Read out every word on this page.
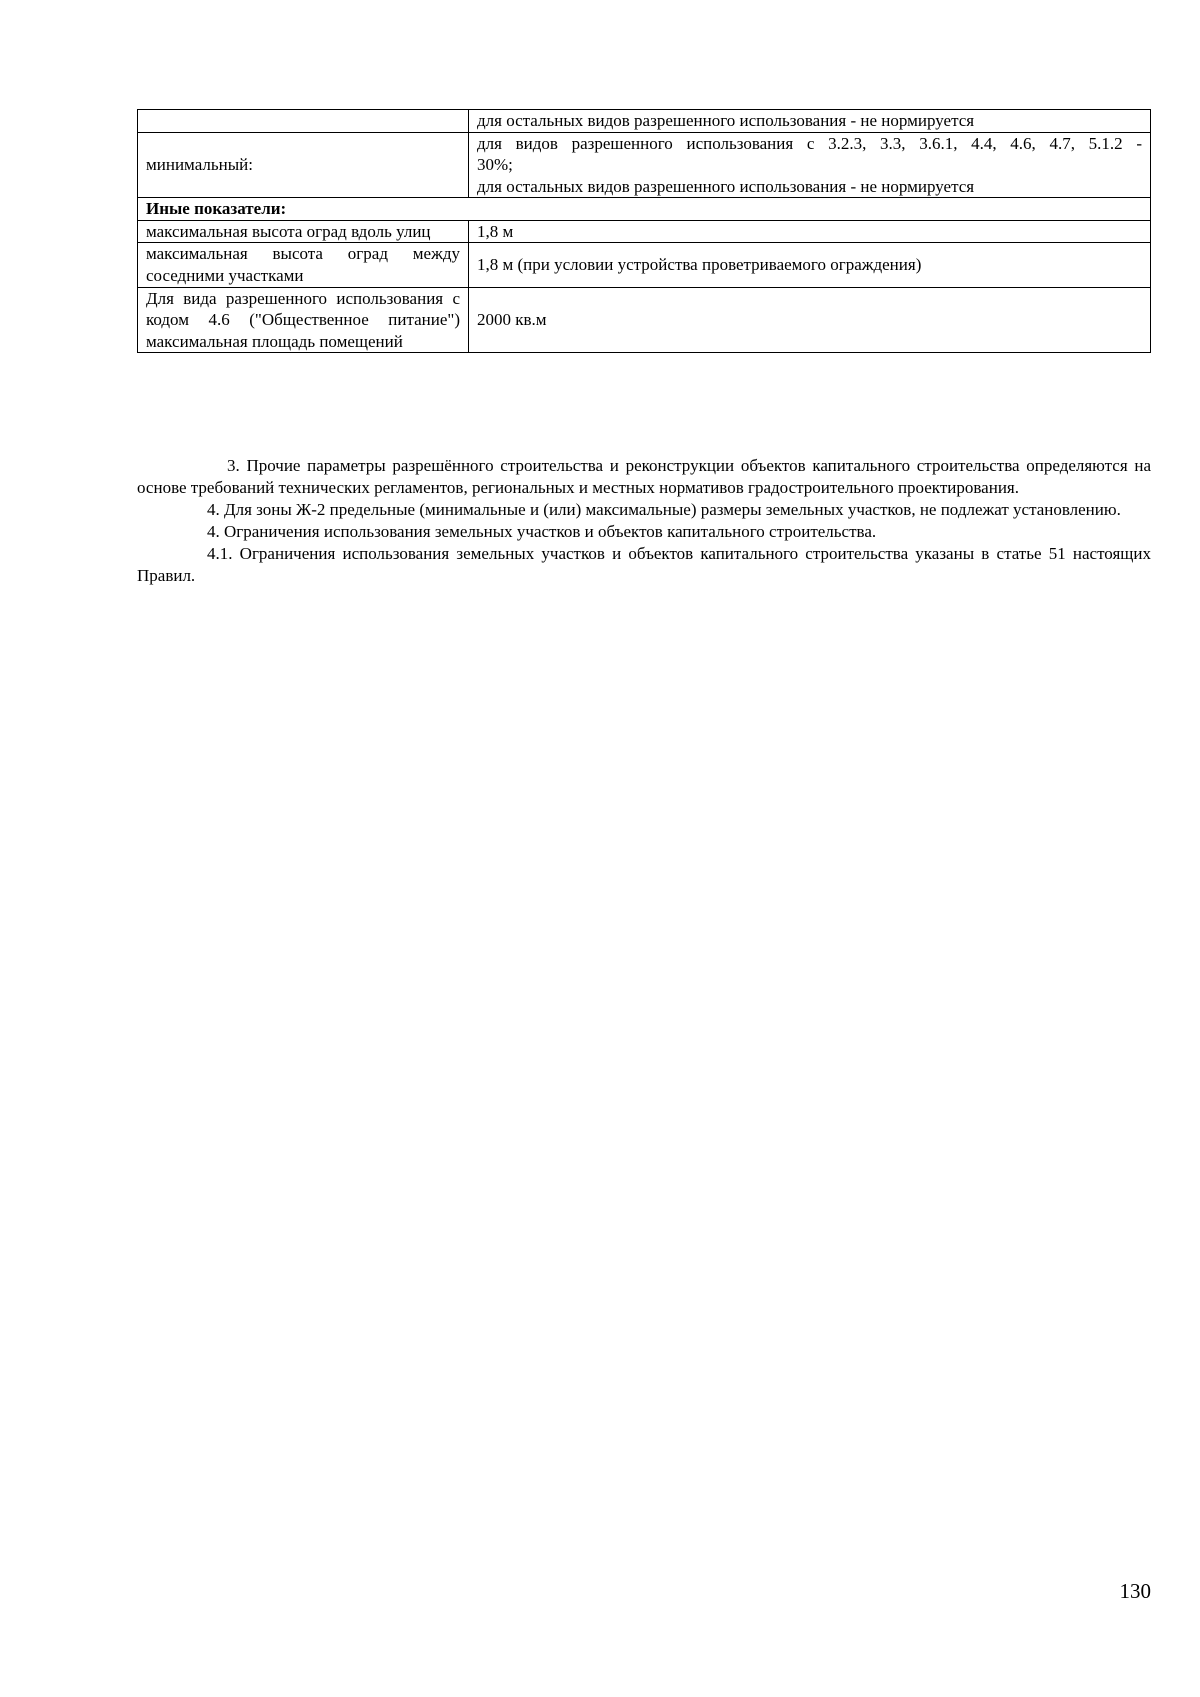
	для остальных видов разрешенного использования - не нормируется
минимальный:	для видов разрешенного использования с 3.2.3, 3.3, 3.6.1, 4.4, 4.6, 4.7, 5.1.2 -
30%;
для остальных видов разрешенного использования - не нормируется

Иные показатели:	
максимальная высота оград вдоль улиц	1,8 м
максимальная высота оград между соседними участками	1,8 м (при условии устройства проветриваемого ограждения)
Для вида разрешенного использования с кодом 4.6 ("Общественное питание") максимальная площадь помещений	2000 кв.м

3. Прочие параметры разрешённого строительства и реконструкции объектов капитального строительства определяются на основе требований технических регламентов, региональных и местных нормативов градостроительного проектирования.

4. Для зоны Ж-2 предельные (минимальные и (или) максимальные) размеры земельных участков, не подлежат установлению.

4. Ограничения использования земельных участков и объектов капитального строительства.

4.1. Ограничения использования земельных участков и объектов капитального строительства указаны в статье 51 настоящих Правил.

130
